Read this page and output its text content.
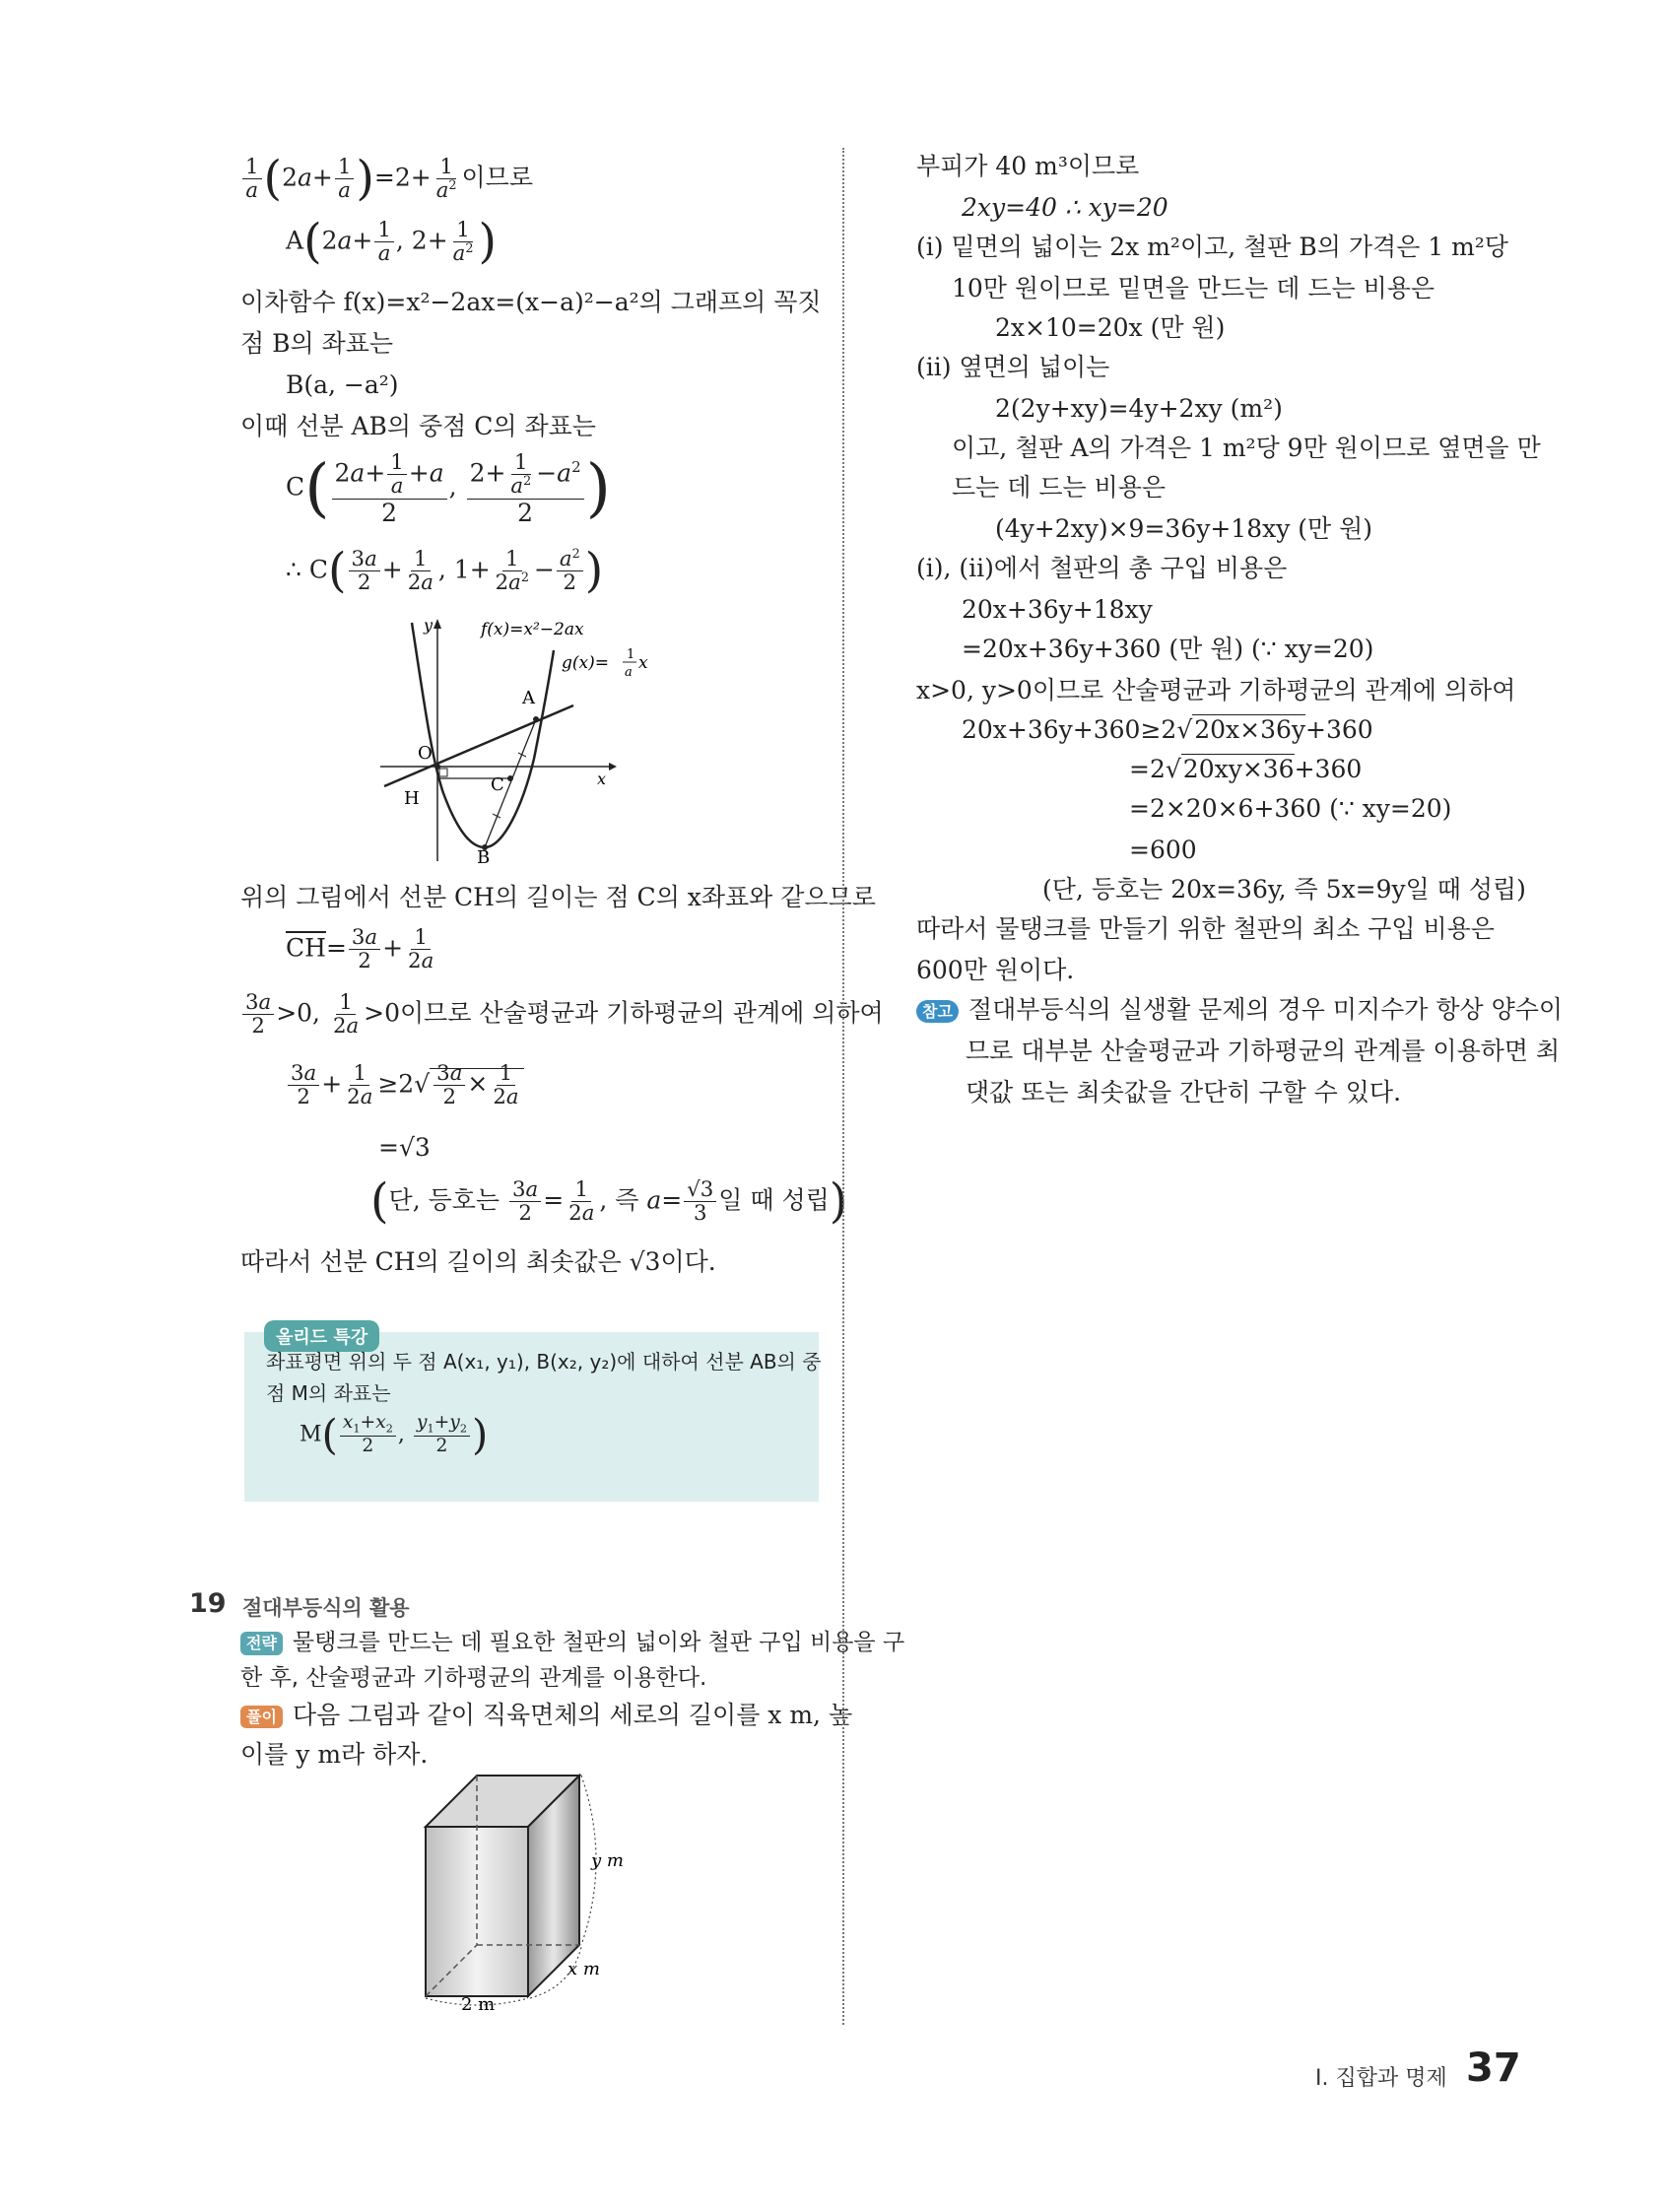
$\frac{1}{a} (2a+ \frac{1}{a} )=2+ \frac{1}{a^2}$ 이므로
$A(2a+ \frac{1}{a}$ , $2+ \frac{1}{a^2}$ )
이차함수 f(x)=x²−2ax=(x−a)²−a²의 그래프의 꼭짓
점 B의 좌표는
B(a, −a²)
이때 선분 AB의 중점 C의 좌표는
$C( \frac{2a+ \frac{1}{a} +a}{2}$ , $\frac{2+ \frac{1}{a^2} -a^2}{2}$ )
∴ $C( \frac{3a}{2} + \frac{1}{2a}$ , $1+ \frac{1}{2a^2} - \frac{a^2}{2}$ )
y
x
O
A
H
C
B
f(x)=x²−2ax
g(x)= 1
a x
위의 그림에서 선분 CH의 길이는 점 C의 x좌표와 같으므로
$\overline{CH}= \frac{3a}{2} + \frac{1}{2a}$
$\frac{3a}{2} >0$, $\frac{1}{2a} >0$이므로 산술평균과 기하평균의 관계에 의하여
$\frac{3a}{2} + \frac{1}{2a} \ge 2√ \frac{3a}{2} \times \frac{1}{2a}$
=√3
(단, 등호는 $\frac{3a}{2} = \frac{1}{2a}$ , 즉 $a= \frac{√3}{3}$ 일 때 성립)
따라서 선분 CH의 길이의 최솟값은 √3이다.
올리드 특강
좌표평면 위의 두 점 A(x₁, y₁), B(x₂, y₂)에 대하여 선분 AB의 중
점 M의 좌표는
$M( \frac{x_1+x_2}{2}$ , $\frac{y_1+y_2}{2}$ )
19 절대부등식의 활용
전략 물탱크를 만드는 데 필요한 철판의 넓이와 철판 구입 비용을 구
한 후, 산술평균과 기하평균의 관계를 이용한다.
풀이 다음 그림과 같이 직육면체의 세로의 길이를 x m, 높
이를 y m라 하자.
y m
x m
2 m
부피가 40 m³이므로
2xy=40 ∴ xy=20
(ⅰ) 밑면의 넓이는 2x m²이고, 철판 B의 가격은 1 m²당
10만 원이므로 밑면을 만드는 데 드는 비용은
2x×10=20x (만 원)
(ⅱ) 옆면의 넓이는
2(2y+xy)=4y+2xy (m²)
이고, 철판 A의 가격은 1 m²당 9만 원이므로 옆면을 만
드는 데 드는 비용은
(4y+2xy)×9=36y+18xy (만 원)
(ⅰ), (ⅱ)에서 철판의 총 구입 비용은
20x+36y+18xy
=20x+36y+360 (만 원) (∵ xy=20)
x>0, y>0이므로 산술평균과 기하평균의 관계에 의하여
20x+36y+360≥2√20x×36y+360
=2√20xy×36+360
=2×20×6+360 (∵ xy=20)
=600
(단, 등호는 20x=36y, 즉 5x=9y일 때 성립)
따라서 물탱크를 만들기 위한 철판의 최소 구입 비용은
600만 원이다.
참고 절대부등식의 실생활 문제의 경우 미지수가 항상 양수이
므로 대부분 산술평균과 기하평균의 관계를 이용하면 최
댓값 또는 최솟값을 간단히 구할 수 있다.
Ⅰ. 집합과 명제 37
